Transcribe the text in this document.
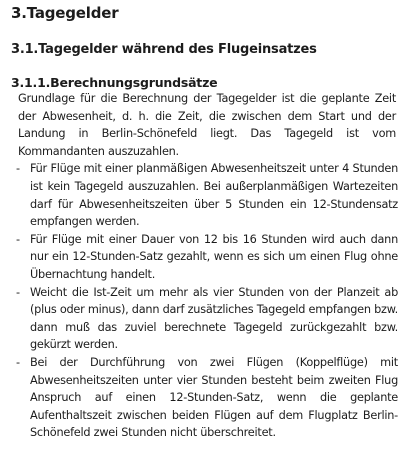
3.Tagegelder
3.1.Tagegelder während des Flugeinsatzes
3.1.1.Berechnungsgrundsätze

Grundlage für die Berechnung der Tagegelder ist die geplante Zeit der Abwesenheit, d. h. die Zeit, die zwischen dem Start und der Landung in Berlin-Schönefeld liegt. Das Tagegeld ist vom Kommandanten auszuzahlen.

- Für Flüge mit einer planmäßigen Abwesenheitszeit unter 4 Stunden ist kein Tagegeld auszuzahlen. Bei außerplanmäßigen Wartezeiten darf für Abwesenheitszeiten über 5 Stunden ein 12-Stundensatz empfangen werden.
- Für Flüge mit einer Dauer von 12 bis 16 Stunden wird auch dann nur ein 12-Stunden-Satz gezahlt, wenn es sich um einen Flug ohne Übernachtung handelt.
- Weicht die Ist-Zeit um mehr als vier Stunden von der Planzeit ab (plus oder minus), dann darf zusätzliches Tagegeld empfangen bzw. dann muß das zuviel berechnete Tagegeld zurückgezahlt bzw. gekürzt werden.
- Bei der Durchführung von zwei Flügen (Koppelflüge) mit Abwesenheitszeiten unter vier Stunden besteht beim zweiten Flug Anspruch auf einen 12-Stunden-Satz, wenn die geplante Aufenthaltszeit zwischen beiden Flügen auf dem Flugplatz Berlin-Schönefeld zwei Stunden nicht überschreitet.
